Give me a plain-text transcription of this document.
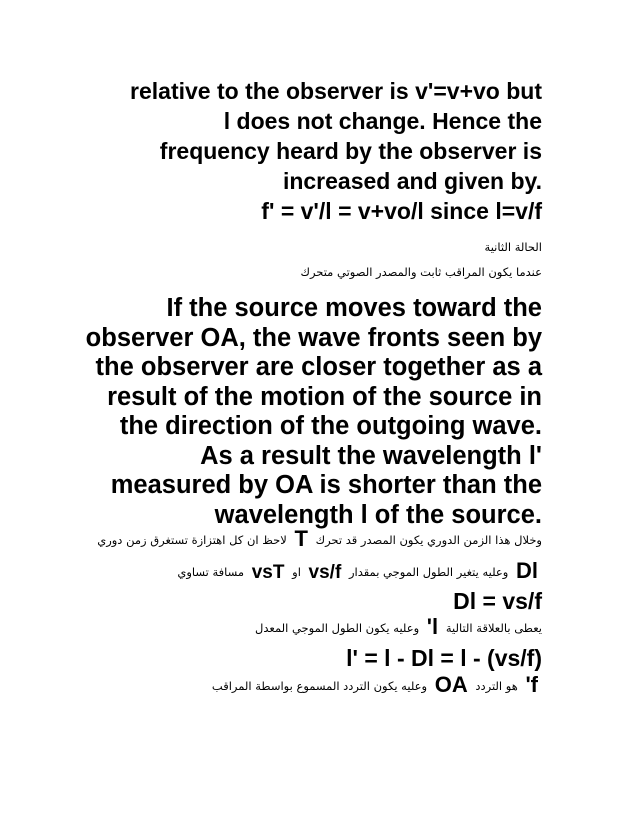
relative to the observer is v'=v+vo but
l does not change. Hence the
frequency heard by the observer is
increased and given by.
f' = v'/l = v+vo/l since l=v/f
الحالة الثانية
عندما يكون المراقب ثابت والمصدر الصوتي متحرك
If the source moves toward the
observer OA, the wave fronts seen by
the observer are closer together as a
result of the motion of the source in
the direction of the outgoing wave.
As a result the wavelength l'
measured by OA is shorter than the
wavelength l of the source.
وخلال هذا الزمن الدوري يكون المصدر قد تحرك T لاحظ ان كل اهتزازة تستغرق زمن دوري
Dl وعليه يتغير الطول الموجي بمقدار vs/f او vsT مسافة تساوي
Dl = vs/f
يعطى بالعلاقة التالية l' وعليه يكون الطول الموجي المعدل
l' = l - Dl = l - (vs/f)
f' هو التردد OA وعليه يكون التردد المسموع بواسطة المراقب
